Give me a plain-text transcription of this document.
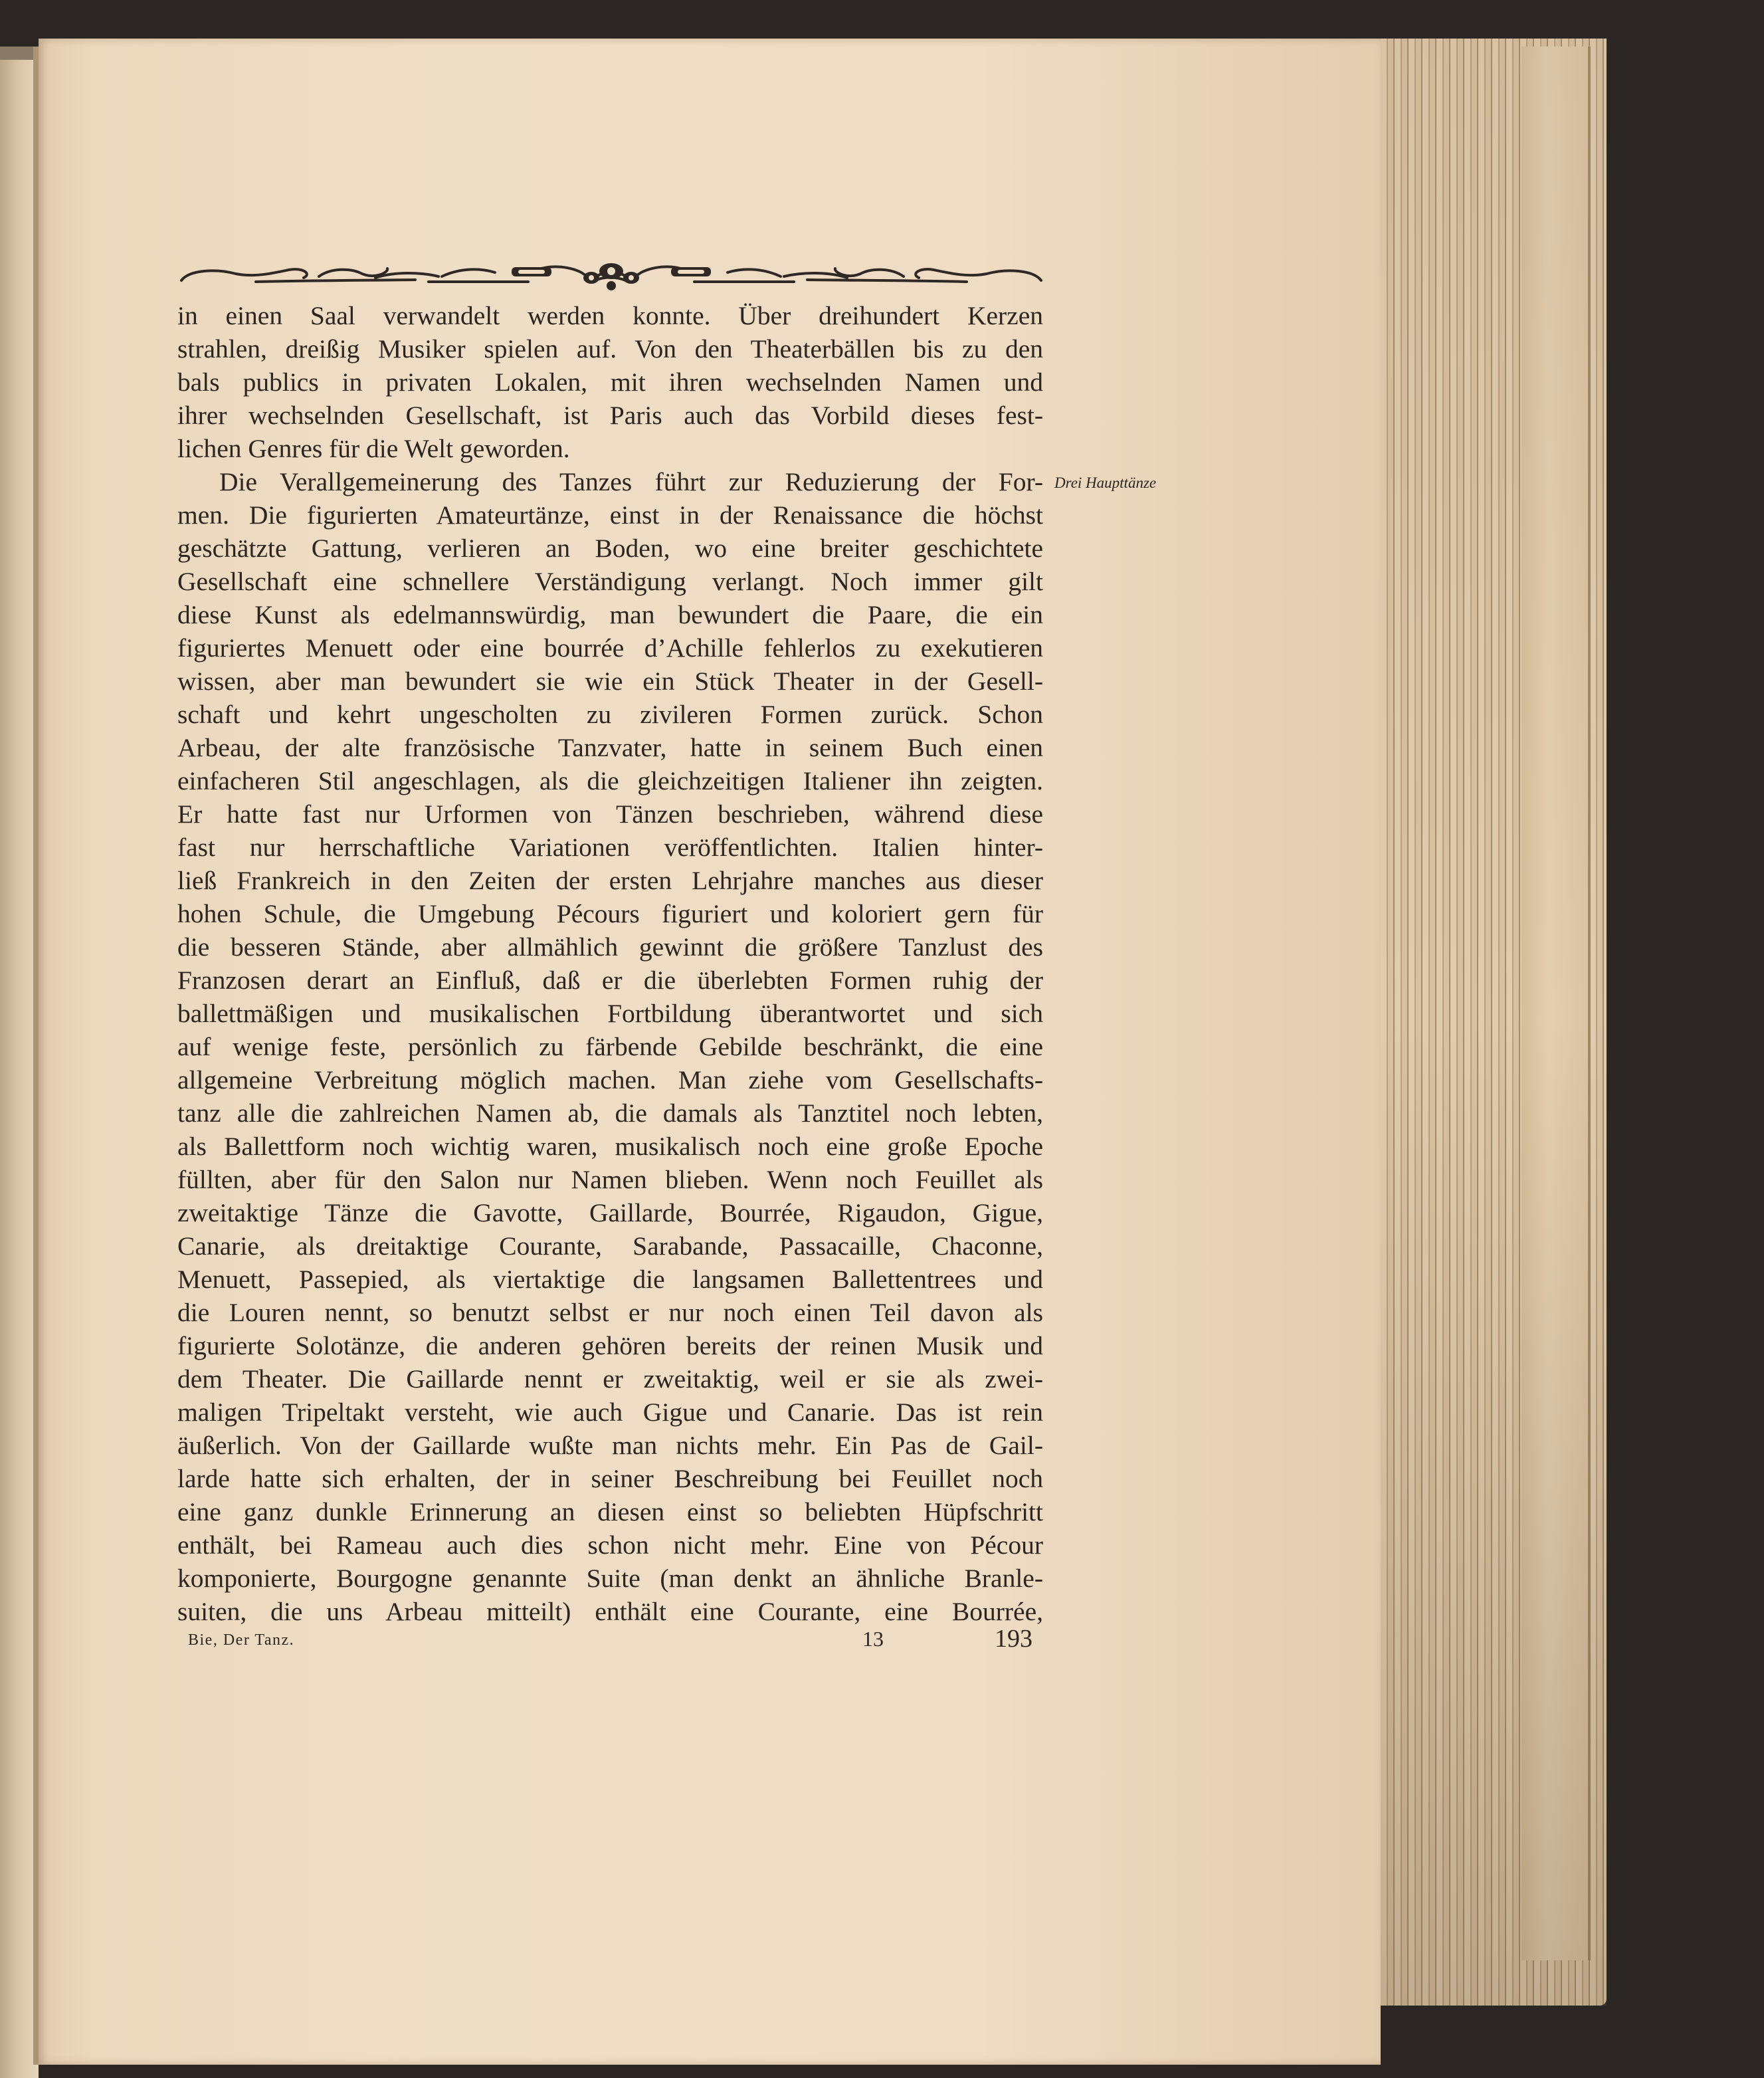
in einen Saal verwandelt werden konnte. Über dreihundert Kerzen
strahlen, dreißig Musiker spielen auf. Von den Theaterbällen bis zu den
bals publics in privaten Lokalen, mit ihren wechselnden Namen und
ihrer wechselnden Gesellschaft, ist Paris auch das Vorbild dieses fest-
lichen Genres für die Welt geworden.
Die Verallgemeinerung des Tanzes führt zur Reduzierung der For-
men. Die figurierten Amateurtänze, einst in der Renaissance die höchst
geschätzte Gattung, verlieren an Boden, wo eine breiter geschichtete
Gesellschaft eine schnellere Verständigung verlangt. Noch immer gilt
diese Kunst als edelmannswürdig, man bewundert die Paare, die ein
figuriertes Menuett oder eine bourrée d’Achille fehlerlos zu exekutieren
wissen, aber man bewundert sie wie ein Stück Theater in der Gesell-
schaft und kehrt ungescholten zu zivileren Formen zurück. Schon
Arbeau, der alte französische Tanzvater, hatte in seinem Buch einen
einfacheren Stil angeschlagen, als die gleichzeitigen Italiener ihn zeigten.
Er hatte fast nur Urformen von Tänzen beschrieben, während diese
fast nur herrschaftliche Variationen veröffentlichten. Italien hinter-
ließ Frankreich in den Zeiten der ersten Lehrjahre manches aus dieser
hohen Schule, die Umgebung Pécours figuriert und koloriert gern für
die besseren Stände, aber allmählich gewinnt die größere Tanzlust des
Franzosen derart an Einfluß, daß er die überlebten Formen ruhig der
ballettmäßigen und musikalischen Fortbildung überantwortet und sich
auf wenige feste, persönlich zu färbende Gebilde beschränkt, die eine
allgemeine Verbreitung möglich machen. Man ziehe vom Gesellschafts-
tanz alle die zahlreichen Namen ab, die damals als Tanztitel noch lebten,
als Ballettform noch wichtig waren, musikalisch noch eine große Epoche
füllten, aber für den Salon nur Namen blieben. Wenn noch Feuillet als
zweitaktige Tänze die Gavotte, Gaillarde, Bourrée, Rigaudon, Gigue,
Canarie, als dreitaktige Courante, Sarabande, Passacaille, Chaconne,
Menuett, Passepied, als viertaktige die langsamen Ballettentrees und
die Louren nennt, so benutzt selbst er nur noch einen Teil davon als
figurierte Solotänze, die anderen gehören bereits der reinen Musik und
dem Theater. Die Gaillarde nennt er zweitaktig, weil er sie als zwei-
maligen Tripeltakt versteht, wie auch Gigue und Canarie. Das ist rein
äußerlich. Von der Gaillarde wußte man nichts mehr. Ein Pas de Gail-
larde hatte sich erhalten, der in seiner Beschreibung bei Feuillet noch
eine ganz dunkle Erinnerung an diesen einst so beliebten Hüpfschritt
enthält, bei Rameau auch dies schon nicht mehr. Eine von Pécour
komponierte, Bourgogne genannte Suite (man denkt an ähnliche Branle-
suiten, die uns Arbeau mitteilt) enthält eine Courante, eine Bourrée,
Drei Haupttänze
Bie, Der Tanz.	13	193
